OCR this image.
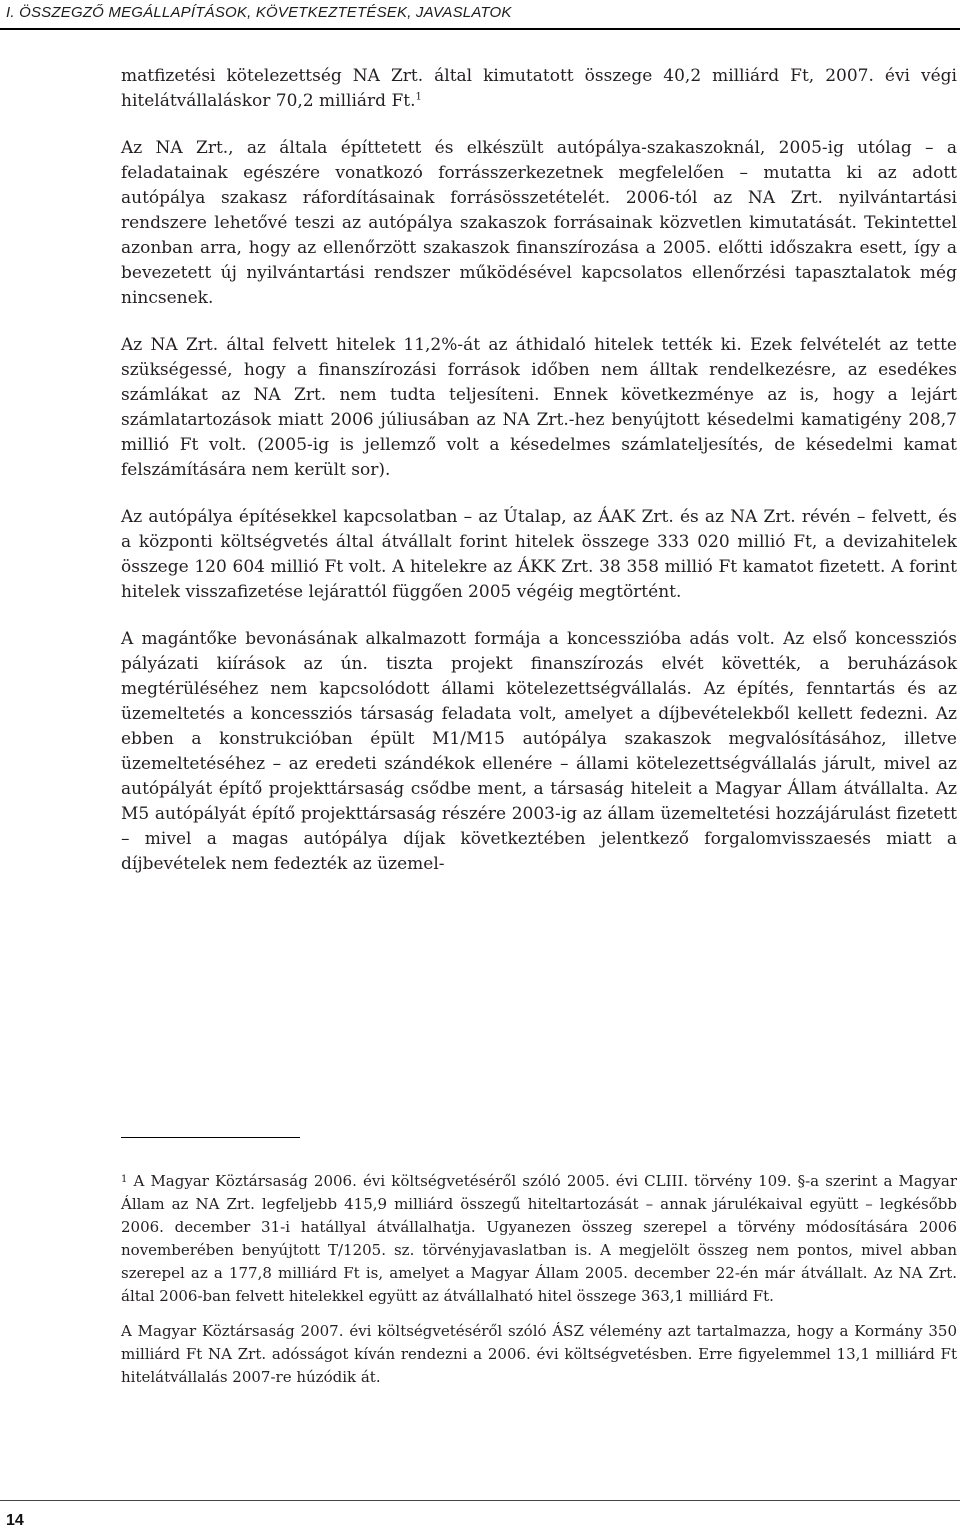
I. ÖSSZEGZŐ MEGÁLLAPÍTÁSOK, KÖVETKEZTETÉSEK, JAVASLATOK

matfizetési kötelezettség NA Zrt. által kimutatott összege 40,2 milliárd Ft, 2007. évi végi hitelátvállaláskor 70,2 milliárd Ft.$^1$

Az NA Zrt., az általa építtetett és elkészült autópálya-szakaszoknál, 2005-ig utólag – a feladatainak egészére vonatkozó forrásszerkezetnek megfelelően – mutatta ki az adott autópálya szakasz ráfordításainak forrásösszetételét. 2006-tól az NA Zrt. nyilvántartási rendszere lehetővé teszi az autópálya szakaszok forrásainak közvetlen kimutatását. Tekintettel azonban arra, hogy az ellenőrzött szakaszok finanszírozása a 2005. előtti időszakra esett, így a bevezetett új nyilvántartási rendszer működésével kapcsolatos ellenőrzési tapasztalatok még nincsenek.

Az NA Zrt. által felvett hitelek 11,2%-át az áthidaló hitelek tették ki. Ezek felvételét az tette szükségessé, hogy a finanszírozási források időben nem álltak rendelkezésre, az esedékes számlákat az NA Zrt. nem tudta teljesíteni. Ennek következménye az is, hogy a lejárt számlatartozások miatt 2006 júliusában az NA Zrt.-hez benyújtott késedelmi kamatigény 208,7 millió Ft volt. (2005-ig is jellemző volt a késedelmes számlateljesítés, de késedelmi kamat felszámítására nem került sor).

Az autópálya építésekkel kapcsolatban – az Útalap, az ÁAK Zrt. és az NA Zrt. révén – felvett, és a központi költségvetés által átvállalt forint hitelek összege 333 020 millió Ft, a devizahitelek összege 120 604 millió Ft volt. A hitelekre az ÁKK Zrt. 38 358 millió Ft kamatot fizetett. A forint hitelek visszafizetése lejárattól függően 2005 végéig megtörtént.

A magántőke bevonásának alkalmazott formája a koncesszióba adás volt. Az első koncessziós pályázati kiírások az ún. tiszta projekt finanszírozás elvét követték, a beruházások megtérüléséhez nem kapcsolódott állami kötelezettségvállalás. Az építés, fenntartás és az üzemeltetés a koncessziós társaság feladata volt, amelyet a díjbevételekből kellett fedezni. Az ebben a konstrukcióban épült M1/M15 autópálya szakaszok megvalósításához, illetve üzemeltetéséhez – az eredeti szándékok ellenére – állami kötelezettségvállalás járult, mivel az autópályát építő projekttársaság csődbe ment, a társaság hiteleit a Magyar Állam átvállalta. Az M5 autópályát építő projekttársaság részére 2003-ig az állam üzemeltetési hozzájárulást fizetett – mivel a magas autópálya díjak következtében jelentkező forgalomvisszaesés miatt a díjbevételek nem fedezték az üzemel-

$^1$ A Magyar Köztársaság 2006. évi költségvetéséről szóló 2005. évi CLIII. törvény 109. §-a szerint a Magyar Állam az NA Zrt. legfeljebb 415,9 milliárd összegű hiteltartozását – annak járulékaival együtt – legkésőbb 2006. december 31-i hatállyal átvállalhatja. Ugyanezen összeg szerepel a törvény módosítására 2006 novemberében benyújtott T/1205. sz. törvényjavaslatban is. A megjelölt összeg nem pontos, mivel abban szerepel az a 177,8 milliárd Ft is, amelyet a Magyar Állam 2005. december 22-én már átvállalt. Az NA Zrt. által 2006-ban felvett hitelekkel együtt az átvállalható hitel összege 363,1 milliárd Ft.

A Magyar Köztársaság 2007. évi költségvetéséről szóló ÁSZ vélemény azt tartalmazza, hogy a Kormány 350 milliárd Ft NA Zrt. adósságot kíván rendezni a 2006. évi költségvetésben. Erre figyelemmel 13,1 milliárd Ft hitelátvállalás 2007-re húzódik át.

14
